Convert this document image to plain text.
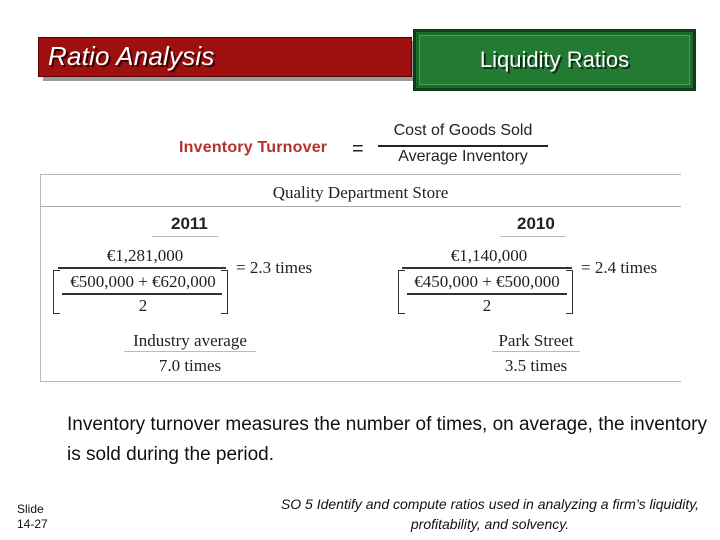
Ratio Analysis	Liquidity Ratios
Inventory Turnover =
Cost of Goods Sold
Average Inventory
Quality Department Store
2011
€1,281,000
€500,000 + €620,000
2
= 2.3 times
2010
€1,140,000
€450,000 + €500,000
2
= 2.4 times
Industry average
7.0 times
Park Street
3.5 times
Inventory turnover measures the number of times, on average, the inventory is sold during the period.
Slide
14-27
SO 5 Identify and compute ratios used in analyzing a firm’s liquidity, profitability, and solvency.
